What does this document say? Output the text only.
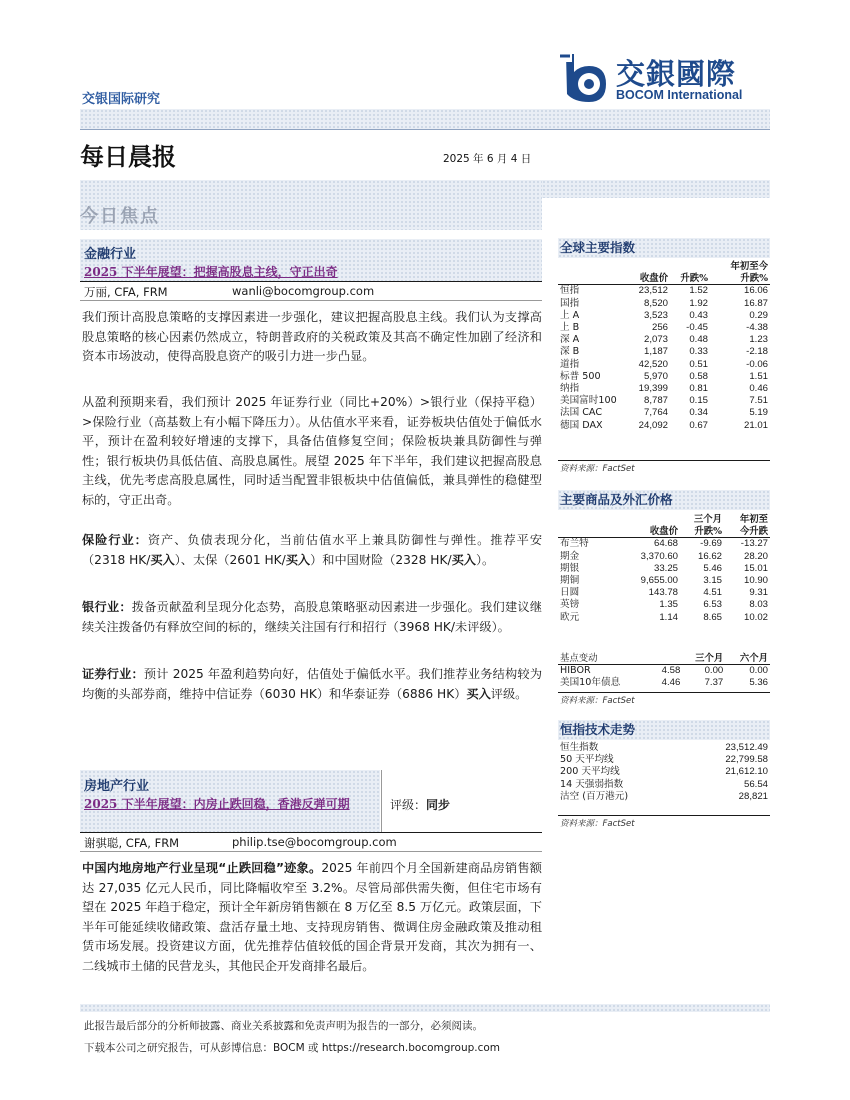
交银国际研究
交銀國際
BOCOM International
每日晨报	2025 年 6 月 4 日
今日焦点
金融行业
2025 下半年展望：把握高股息主线，守正出奇
万丽, CFA, FRM	wanli@bocomgroup.com
我们预计高股息策略的支撑因素进一步强化，建议把握高股息主线。我们认为支撑高股息策略的核心因素仍然成立，特朗普政府的关税政策及其高不确定性加剧了经济和资本市场波动，使得高股息资产的吸引力进一步凸显。
从盈利预期来看，我们预计 2025 年证券行业（同比+20%）>银行业（保持平稳）>保险行业（高基数上有小幅下降压力）。从估值水平来看，证券板块估值处于偏低水平，预计在盈利较好增速的支撑下，具备估值修复空间；保险板块兼具防御性与弹性；银行板块仍具低估值、高股息属性。展望 2025 年下半年，我们建议把握高股息主线，优先考虑高股息属性，同时适当配置非银板块中估值偏低，兼具弹性的稳健型标的，守正出奇。
保险行业：资产、负债表现分化，当前估值水平上兼具防御性与弹性。推荐平安（2318 HK/买入）、太保（2601 HK/买入）和中国财险（2328 HK/买入）。
银行业：拨备贡献盈利呈现分化态势，高股息策略驱动因素进一步强化。我们建议继续关注拨备仍有释放空间的标的，继续关注国有行和招行（3968 HK/未评级）。
证券行业：预计 2025 年盈利趋势向好，估值处于偏低水平。我们推荐业务结构较为均衡的头部券商，维持中信证券（6030 HK）和华泰证券（6886 HK）买入评级。
房地产行业
2025 下半年展望：内房止跌回稳，香港反弹可期	评级：同步
谢骐聪, CFA, FRM	philip.tse@bocomgroup.com
中国内地房地产行业呈现“止跌回稳”迹象。2025 年前四个月全国新建商品房销售额达 27,035 亿元人民币，同比降幅收窄至 3.2%。尽管局部供需失衡，但住宅市场有望在 2025 年趋于稳定，预计全年新房销售额在 8 万亿至 8.5 万亿元。政策层面，下半年可能延续收储政策、盘活存量土地、支持现房销售、微调住房金融政策及推动租赁市场发展。投资建议方面，优先推荐估值较低的国企背景开发商，其次为拥有一、二线城市土储的民营龙头，其他民企开发商排名最后。
全球主要指数
			年初至今
	收盘价	升跌%	升跌%
恒指	23,512	1.52	16.06
国指	8,520	1.92	16.87
上 A	3,523	0.43	0.29
上 B	256	-0.45	-4.38
深 A	2,073	0.48	1.23
深 B	1,187	0.33	-2.18
道指	42,520	0.51	-0.06
标普 500	5,970	0.58	1.51
纳指	19,399	0.81	0.46
美国富时100	8,787	0.15	7.51
法国 CAC	7,764	0.34	5.19
德国 DAX	24,092	0.67	21.01
资料来源：FactSet
主要商品及外汇价格
		三个月	年初至
	收盘价	升跌%	今升跌
布兰特	64.68	-9.69	-13.27
期金	3,370.60	16.62	28.20
期银	33.25	5.46	15.01
期铜	9,655.00	3.15	10.90
日圆	143.78	4.51	9.31
英镑	1.35	6.53	8.03
欧元	1.14	8.65	10.02
基点变动		三个月	六个月
HIBOR	4.58	0.00	0.00
美国10年债息	4.46	7.37	5.36
资料来源：FactSet
恒指技术走势
恒生指数	23,512.49
50 天平均线	22,799.58
200 天平均线	21,612.10
14 天强弱指数	56.54
沽空 (百万港元)	28,821
资料来源：FactSet
此报告最后部分的分析师披露、商业关系披露和免责声明为报告的一部分，必须阅读。
下载本公司之研究报告，可从彭博信息：BOCM 或 https://research.bocomgroup.com
